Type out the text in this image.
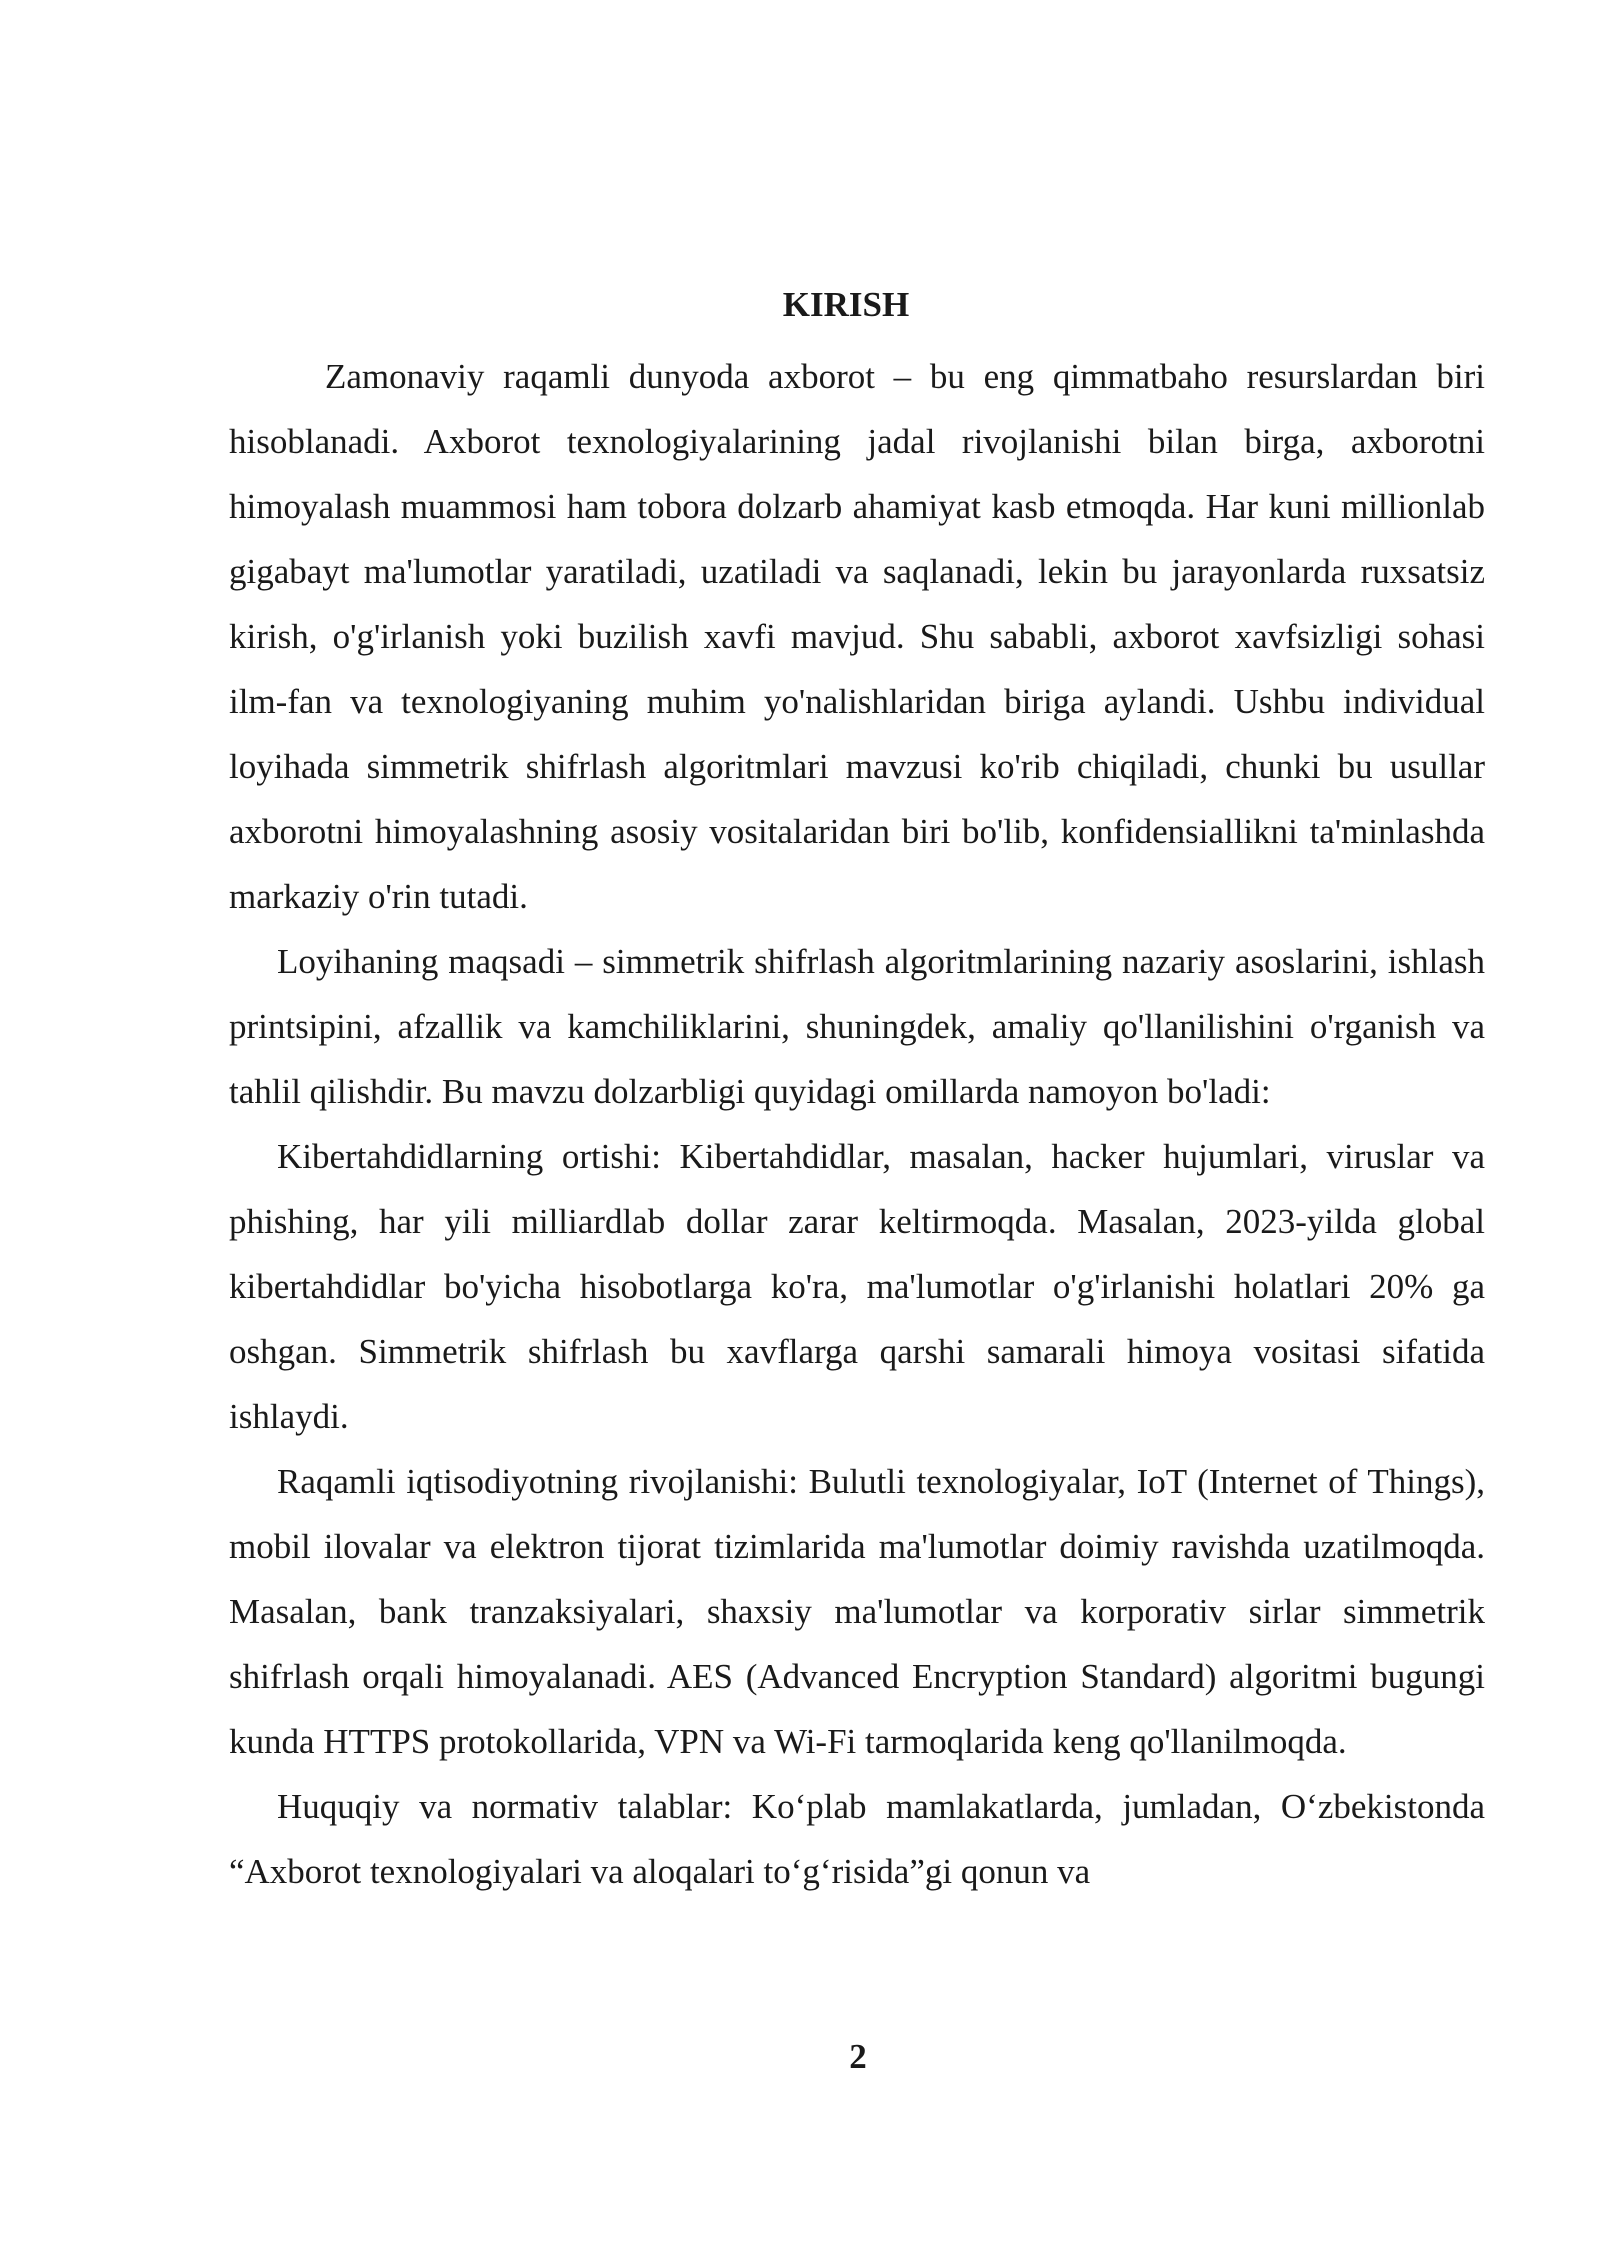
KIRISH

Zamonaviy raqamli dunyoda axborot – bu eng qimmatbaho resurslardan biri hisoblanadi. Axborot texnologiyalarining jadal rivojlanishi bilan birga, axborotni himoyalash muammosi ham tobora dolzarb ahamiyat kasb etmoqda. Har kuni millionlab gigabayt ma'lumotlar yaratiladi, uzatiladi va saqlanadi, lekin bu jarayonlarda ruxsatsiz kirish, o'g'irlanish yoki buzilish xavfi mavjud. Shu sababli, axborot xavfsizligi sohasi ilm-fan va texnologiyaning muhim yo'nalishlaridan biriga aylandi. Ushbu individual loyihada simmetrik shifrlash algoritmlari mavzusi ko'rib chiqiladi, chunki bu usullar axborotni himoyalashning asosiy vositalaridan biri bo'lib, konfidensiallikni ta'minlashda markaziy o'rin tutadi.

Loyihaning maqsadi – simmetrik shifrlash algoritmlarining nazariy asoslarini, ishlash printsipini, afzallik va kamchiliklarini, shuningdek, amaliy qo'llanilishini o'rganish va tahlil qilishdir. Bu mavzu dolzarbligi quyidagi omillarda namoyon bo'ladi:

Kibertahdidlarning ortishi: Kibertahdidlar, masalan, hacker hujumlari, viruslar va phishing, har yili milliardlab dollar zarar keltirmoqda. Masalan, 2023-yilda global kibertahdidlar bo'yicha hisobotlarga ko'ra, ma'lumotlar o'g'irlanishi holatlari 20% ga oshgan. Simmetrik shifrlash bu xavflarga qarshi samarali himoya vositasi sifatida ishlaydi.

Raqamli iqtisodiyotning rivojlanishi: Bulutli texnologiyalar, IoT (Internet of Things), mobil ilovalar va elektron tijorat tizimlarida ma'lumotlar doimiy ravishda uzatilmoqda. Masalan, bank tranzaksiyalari, shaxsiy ma'lumotlar va korporativ sirlar simmetrik shifrlash orqali himoyalanadi. AES (Advanced Encryption Standard) algoritmi bugungi kunda HTTPS protokollarida, VPN va Wi-Fi tarmoqlarida keng qo'llanilmoqda.

Huquqiy va normativ talablar: Ko‘plab mamlakatlarda, jumladan, O‘zbekistonda “Axborot texnologiyalari va aloqalari to‘g‘risida”gi qonun va

2
